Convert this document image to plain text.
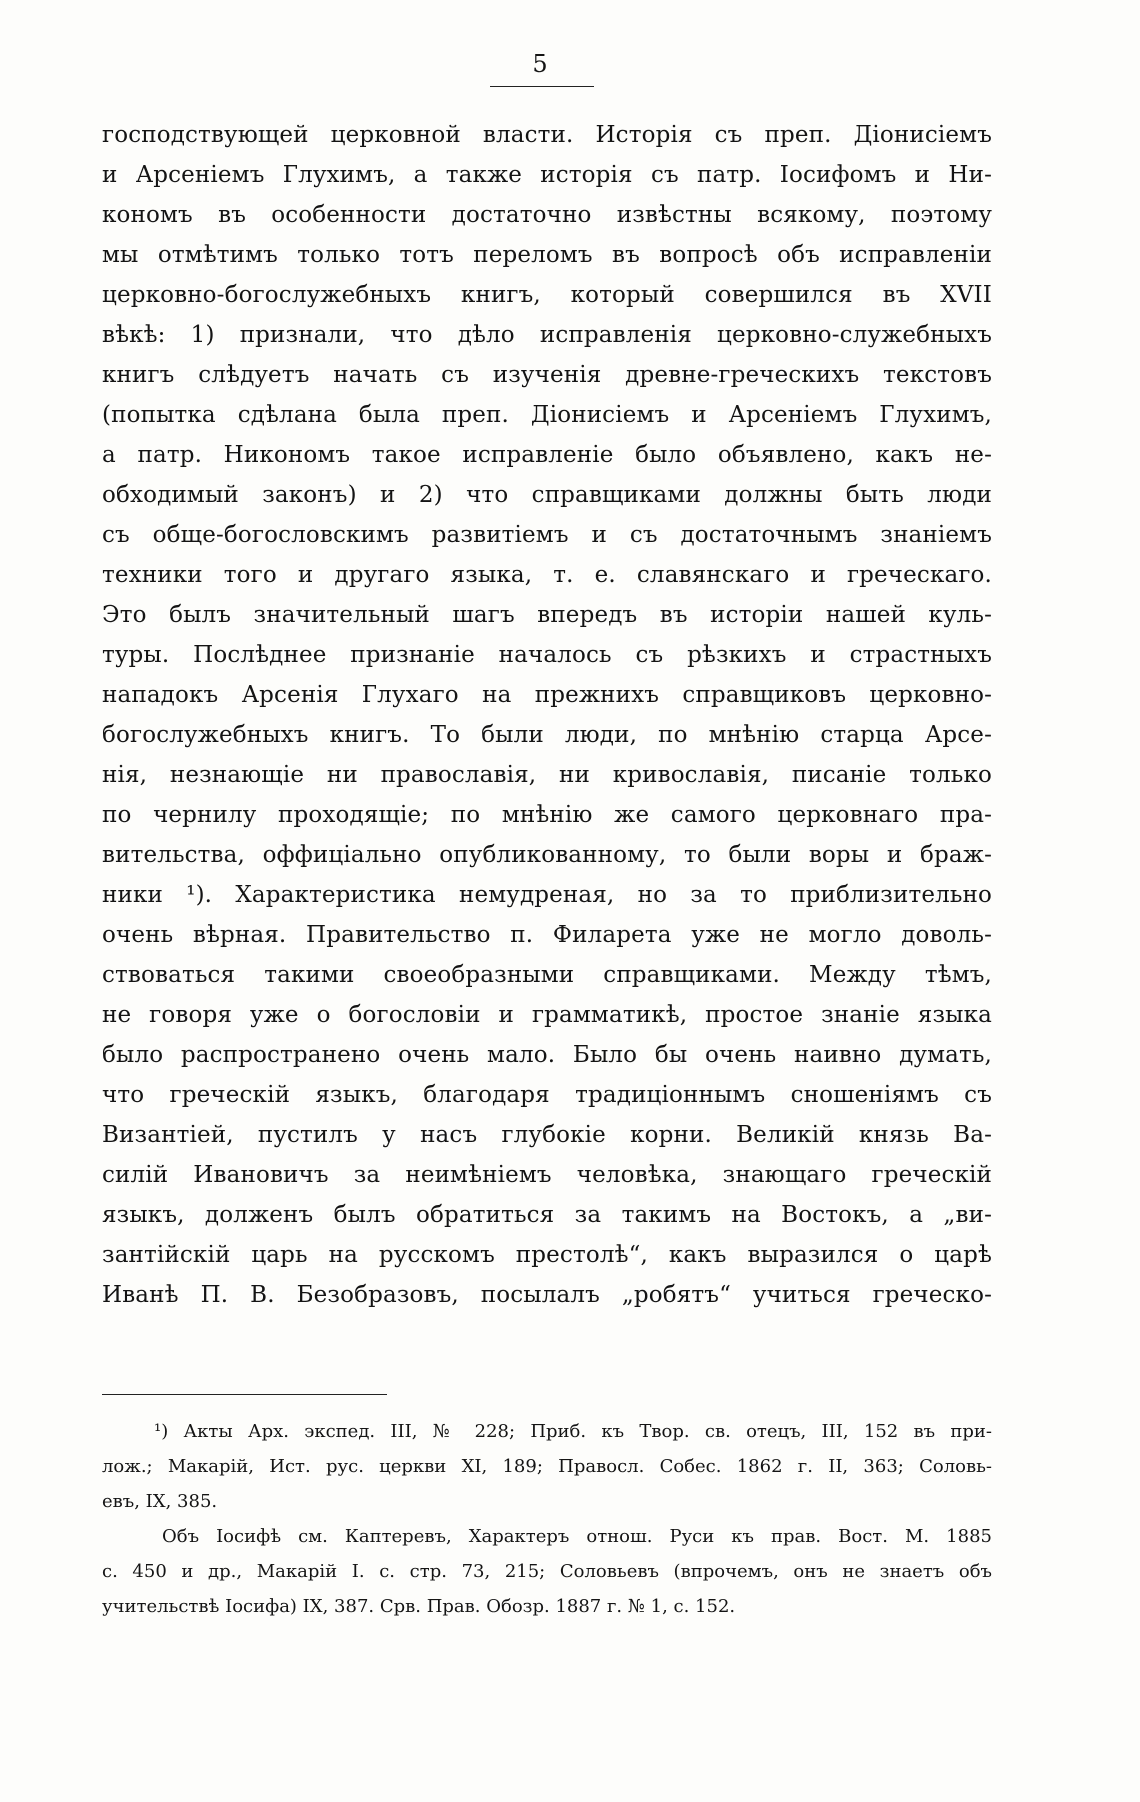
5
господствующей церковной власти. Исторія съ преп. Діонисіемъ
и Арсеніемъ Глухимъ, а также исторія съ патр. Іосифомъ и Ни-
кономъ въ особенности достаточно извѣстны всякому, поэтому
мы отмѣтимъ только тотъ переломъ въ вопросѣ объ исправленіи
церковно-богослужебныхъ книгъ, который совершился въ XVII
вѣкѣ: 1) признали, что дѣло исправленія церковно-служебныхъ
книгъ слѣдуетъ начать съ изученія древне-греческихъ текстовъ
(попытка сдѣлана была преп. Діонисіемъ и Арсеніемъ Глухимъ,
а патр. Никономъ такое исправленіе было объявлено, какъ не-
обходимый законъ) и 2) что справщиками должны быть люди
съ обще-богословскимъ развитіемъ и съ достаточнымъ знаніемъ
техники того и другаго языка, т. е. славянскаго и греческаго.
Это былъ значительный шагъ впередъ въ исторіи нашей куль-
туры. Послѣднее признаніе началось съ рѣзкихъ и страстныхъ
нападокъ Арсенія Глухаго на прежнихъ справщиковъ церковно-
богослужебныхъ книгъ. То были люди, по мнѣнію старца Арсе-
нія, незнающіе ни православія, ни кривославія, писаніе только
по чернилу проходящіе; по мнѣнію же самого церковнаго пра-
вительства, оффиціально опубликованному, то были воры и браж-
ники ¹). Характеристика немудреная, но за то приблизительно
очень вѣрная. Правительство п. Филарета уже не могло доволь-
ствоваться такими своеобразными справщиками. Между тѣмъ,
не говоря уже о богословіи и грамматикѣ, простое знаніе языка
было распространено очень мало. Было бы очень наивно думать,
что греческій языкъ, благодаря традиціоннымъ сношеніямъ съ
Византіей, пустилъ у насъ глубокіе корни. Великій князь Ва-
силій Ивановичъ за неимѣніемъ человѣка, знающаго греческій
языкъ, долженъ былъ обратиться за такимъ на Востокъ, а „ви-
зантійскій царь на русскомъ престолѣ“, какъ выразился о царѣ
Иванѣ П. В. Безобразовъ, посылалъ „робятъ“ учиться греческо-
¹) Акты Арх. экспед. III, № 228; Приб. къ Твор. св. отецъ, III, 152 въ при-
лож.; Макарій, Ист. рус. церкви XI, 189; Правосл. Собес. 1862 г. II, 363; Соловь-
евъ, IX, 385.
Объ Іосифѣ см. Каптеревъ, Характеръ отнош. Руси къ прав. Вост. М. 1885
с. 450 и др., Макарій I. с. стр. 73, 215; Соловьевъ (впрочемъ, онъ не знаетъ объ
учительствѣ Іосифа) IX, 387. Срв. Прав. Обозр. 1887 г. № 1, с. 152.
